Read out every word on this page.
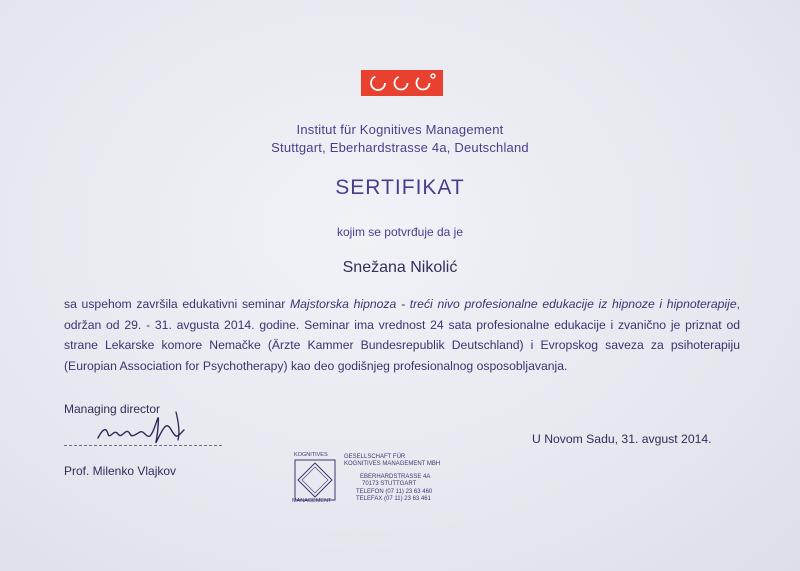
Institut für Kognitives Management
Stuttgart, Eberhardstrasse 4a, Deutschland
SERTIFIKAT
kojim se potvrđuje da je
Snežana Nikolić
sa uspehom završila edukativni seminar Majstorska hipnoza - treći nivo profesionalne edukacije iz hipnoze i hipnoterapije, održan od 29. - 31. avgusta 2014. godine. Seminar ima vrednost 24 sata profesionalne edukacije i zvanično je priznat od strane Lekarske komore Nemačke (Ärzte Kammer Bundesrepublik Deutschland) i Evropskog saveza za psihoterapiju (Europian Association for Psychotherapy) kao deo godišnjeg profesionalnog osposobljavanja.
Managing director
Prof. Milenko Vlajkov
U Novom Sadu, 31. avgust 2014.
KOGNITIVES
MANAGEMENT
GESELLSCHAFT FÜR
KOGNITIVES MANAGEMENT MBH
EBERHARDSTRASSE 4A
70173 STUTTGART
TELEFON (07 11) 23 63 460
TELEFAX (07 11) 23 63 461
